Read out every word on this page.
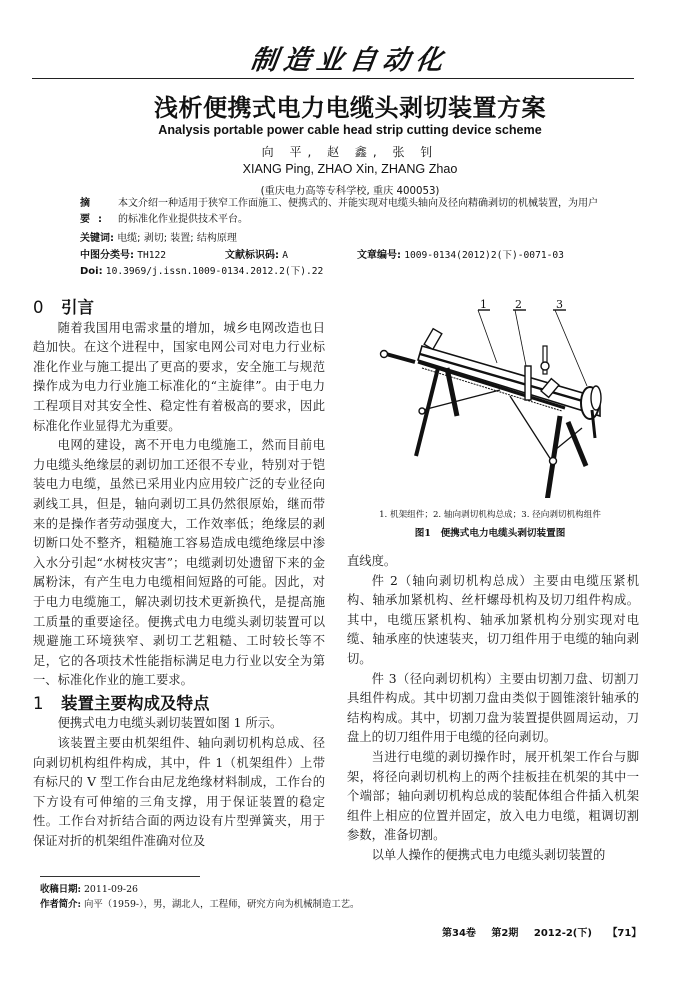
制造业自动化
浅析便携式电力电缆头剥切装置方案
Analysis portable power cable head strip cutting device scheme
向 平, 赵 鑫, 张 钊
XIANG Ping, ZHAO Xin, ZHANG Zhao
(重庆电力高等专科学校, 重庆 400053)
摘 要:
本文介绍一种适用于狭窄工作面施工、便携式的、并能实现对电缆头轴向及径向精确剥切的机械装置，为用户的标准化作业提供技术平台。
关键词: 电缆; 剥切; 装置; 结构原理
中图分类号: TH122	文献标识码: A	文章编号: 1009-0134(2012)2(下)-0071-03
Doi: 10.3969/j.issn.1009-0134.2012.2(下).22
0 引言

随着我国用电需求量的增加，城乡电网改造也日趋加快。在这个进程中，国家电网公司对电力行业标准化作业与施工提出了更高的要求，安全施工与规范操作成为电力行业施工标准化的“主旋律”。由于电力工程项目对其安全性、稳定性有着极高的要求，因此标准化作业显得尤为重要。

电网的建设，离不开电力电缆施工，然而目前电力电缆头绝缘层的剥切加工还很不专业，特别对于铠装电力电缆，虽然已采用业内应用较广泛的专业径向剥线工具，但是，轴向剥切工具仍然很原始，继而带来的是操作者劳动强度大，工作效率低；绝缘层的剥切断口处不整齐，粗糙施工容易造成电缆绝缘层中渗入水分引起“水树枝灾害”；电缆剥切处遗留下来的金属粉沫，有产生电力电缆相间短路的可能。因此，对于电力电缆施工，解决剥切技术更新换代，是提高施工质量的重要途径。便携式电力电缆头剥切装置可以规避施工环境狭窄、剥切工艺粗糙、工时较长等不足，它的各项技术性能指标满足电力行业以安全为第一、标准化作业的施工要求。

1 装置主要构成及特点

便携式电力电缆头剥切装置如图 1 所示。

该装置主要由机架组件、轴向剥切机构总成、径向剥切机构组件构成，其中，件 1（机架组件）上带有标尺的 V 型工作台由尼龙绝缘材料制成，工作台的下方设有可伸缩的三角支撑，用于保证装置的稳定性。工作台对折结合面的两边设有片型弹簧夹，用于保证对折的机架组件准确对位及

1	2	3
1. 机架组件；2. 轴向剥切机构总成；3. 径向剥切机构组件
图1　便携式电力电缆头剥切装置图

直线度。

件 2（轴向剥切机构总成）主要由电缆压紧机构、轴承加紧机构、丝杆螺母机构及切刀组件构成。其中，电缆压紧机构、轴承加紧机构分别实现对电缆、轴承座的快速装夹，切刀组件用于电缆的轴向剥切。

件 3（径向剥切机构）主要由切割刀盘、切割刀具组件构成。其中切割刀盘由类似于圆锥滚针轴承的结构构成。其中，切割刀盘为装置提供圆周运动，刀盘上的切刀组件用于电缆的径向剥切。

当进行电缆的剥切操作时，展开机架工作台与脚架，将径向剥切机构上的两个挂板挂在机架的其中一个端部；轴向剥切机构总成的装配体组合件插入机架组件上相应的位置并固定，放入电力电缆，粗调切割参数，准备切割。

以单人操作的便携式电力电缆头剥切装置的

收稿日期: 2011-09-26
作者简介: 向平（1959-），男，湖北人，工程师，研究方向为机械制造工艺。
第34卷 第2期 2012-2(下) 【71】
